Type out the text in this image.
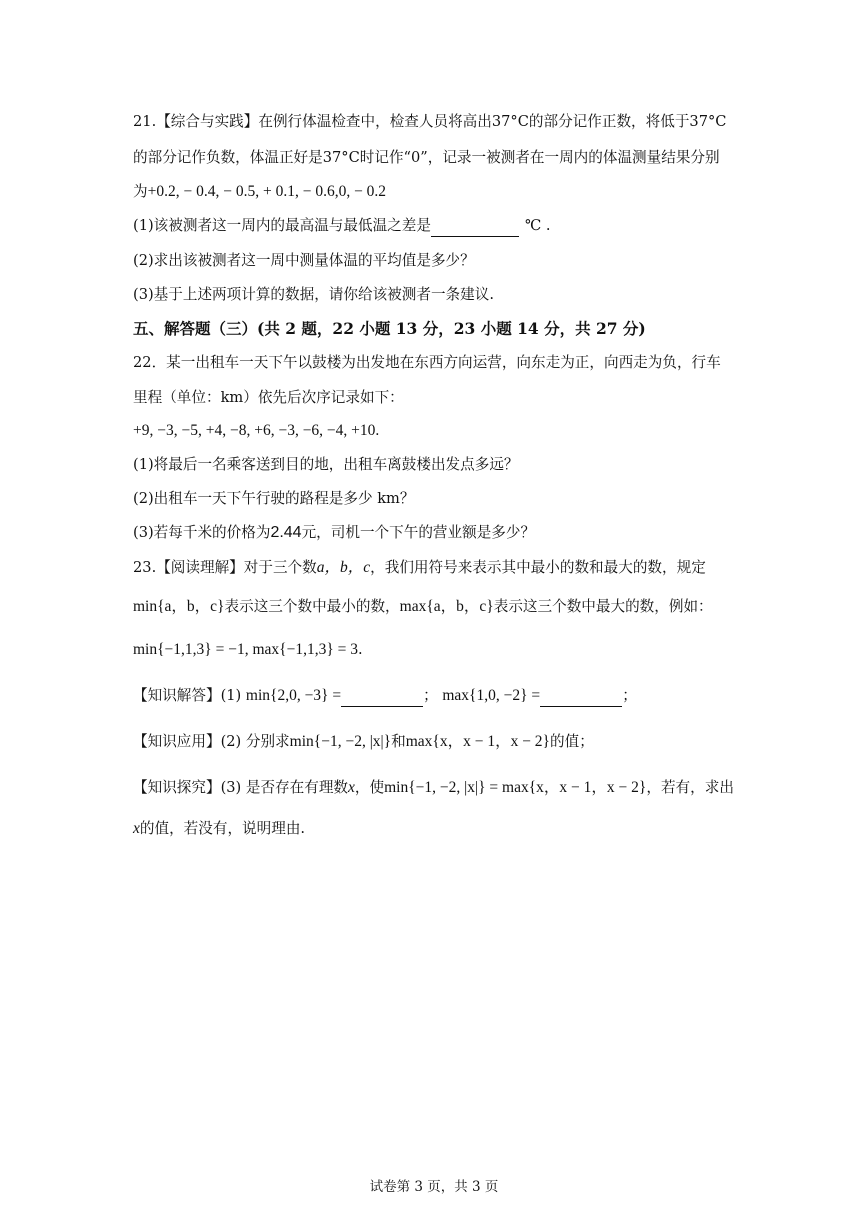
21.【综合与实践】在例行体温检查中，检查人员将高出37°C的部分记作正数，将低于37°C
的部分记作负数，体温正好是37°C时记作“0”，记录一被测者在一周内的体温测量结果分别
为+0.2, − 0.4, − 0.5, + 0.1, − 0.6,0, − 0.2
(1)该被测者这一周内的最高温与最低温之差是	℃ .
(2)求出该被测者这一周中测量体温的平均值是多少？
(3)基于上述两项计算的数据，请你给该被测者一条建议.
五、解答题（三）(共 2 题，22 小题 13 分，23 小题 14 分，共 27 分)
22．某一出租车一天下午以鼓楼为出发地在东西方向运营，向东走为正，向西走为负，行车
里程（单位：km）依先后次序记录如下：
+9, −3, −5, +4, −8, +6, −3, −6, −4, +10.
(1)将最后一名乘客送到目的地，出租车离鼓楼出发点多远？
(2)出租车一天下午行驶的路程是多少 km？
(3)若每千米的价格为2.44元，司机一个下午的营业额是多少？
23.【阅读理解】对于三个数a，b，c，我们用符号来表示其中最小的数和最大的数，规定
min{a，b，c}表示这三个数中最小的数，max{a，b，c}表示这三个数中最大的数，例如：
min{−1,1,3} = −1, max{−1,1,3} = 3.
【知识解答】(1) min{2,0, −3} =	； max{1,0, −2} =	；
【知识应用】(2) 分别求min{−1, −2, |x|}和max{x，x − 1，x − 2}的值；
【知识探究】(3) 是否存在有理数x，使min{−1, −2, |x|} = max{x，x − 1，x − 2}，若有，求出
x的值，若没有，说明理由.
试卷第 3 页，共 3 页
